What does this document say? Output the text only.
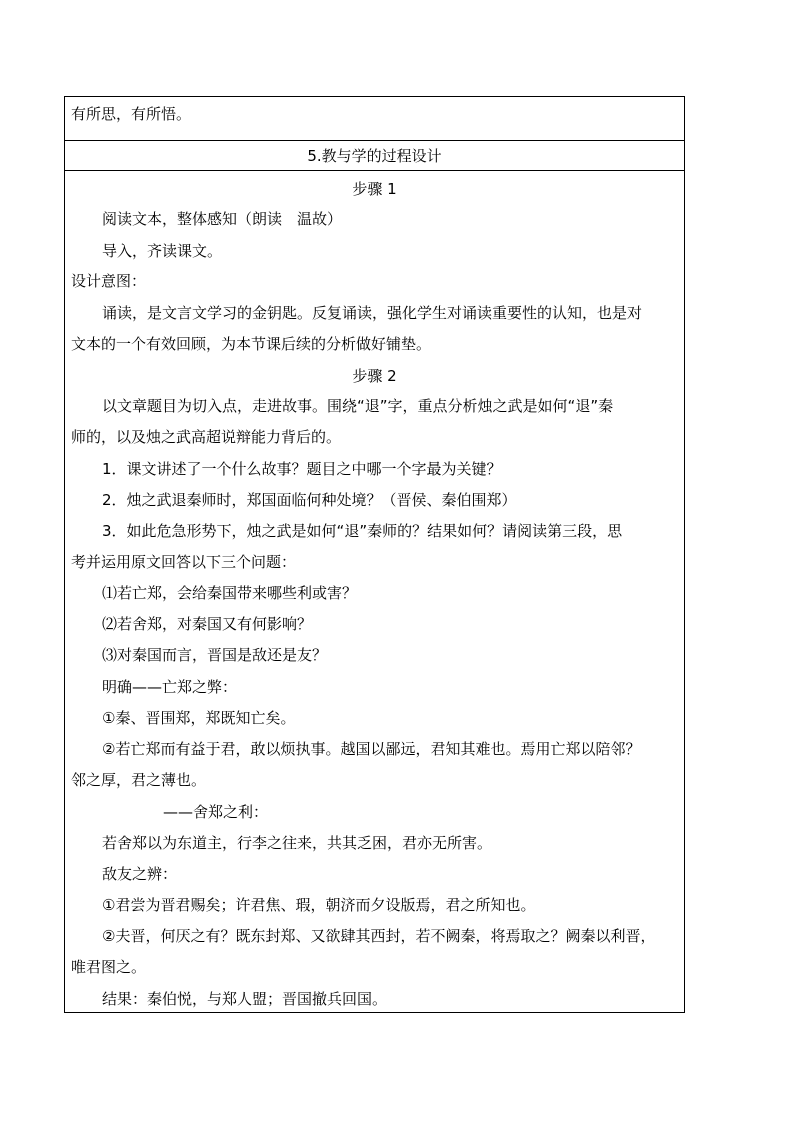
有所思，有所悟。
5.教与学的过程设计
步骤 1
阅读文本，整体感知（朗读　温故）
导入，齐读课文。
设计意图：
诵读，是文言文学习的金钥匙。反复诵读，强化学生对诵读重要性的认知，也是对
文本的一个有效回顾，为本节课后续的分析做好铺垫。
步骤 2
以文章题目为切入点，走进故事。围绕“退”字，重点分析烛之武是如何“退”秦
师的，以及烛之武高超说辩能力背后的。
1．课文讲述了一个什么故事？题目之中哪一个字最为关键？
2．烛之武退秦师时，郑国面临何种处境？（晋侯、秦伯围郑）
3．如此危急形势下，烛之武是如何“退”秦师的？结果如何？请阅读第三段，思
考并运用原文回答以下三个问题：
⑴若亡郑，会给秦国带来哪些利或害？
⑵若舍郑，对秦国又有何影响？
⑶对秦国而言，晋国是敌还是友？
明确——亡郑之弊：
①秦、晋围郑，郑既知亡矣。
②若亡郑而有益于君，敢以烦执事。越国以鄙远，君知其难也。焉用亡郑以陪邻？
邻之厚，君之薄也。
——舍郑之利：
若舍郑以为东道主，行李之往来，共其乏困，君亦无所害。
敌友之辨：
①君尝为晋君赐矣；许君焦、瑕，朝济而夕设版焉，君之所知也。
②夫晋，何厌之有？既东封郑、又欲肆其西封，若不阙秦，将焉取之？阙秦以利晋，
唯君图之。
结果：秦伯悦，与郑人盟；晋国撤兵回国。
